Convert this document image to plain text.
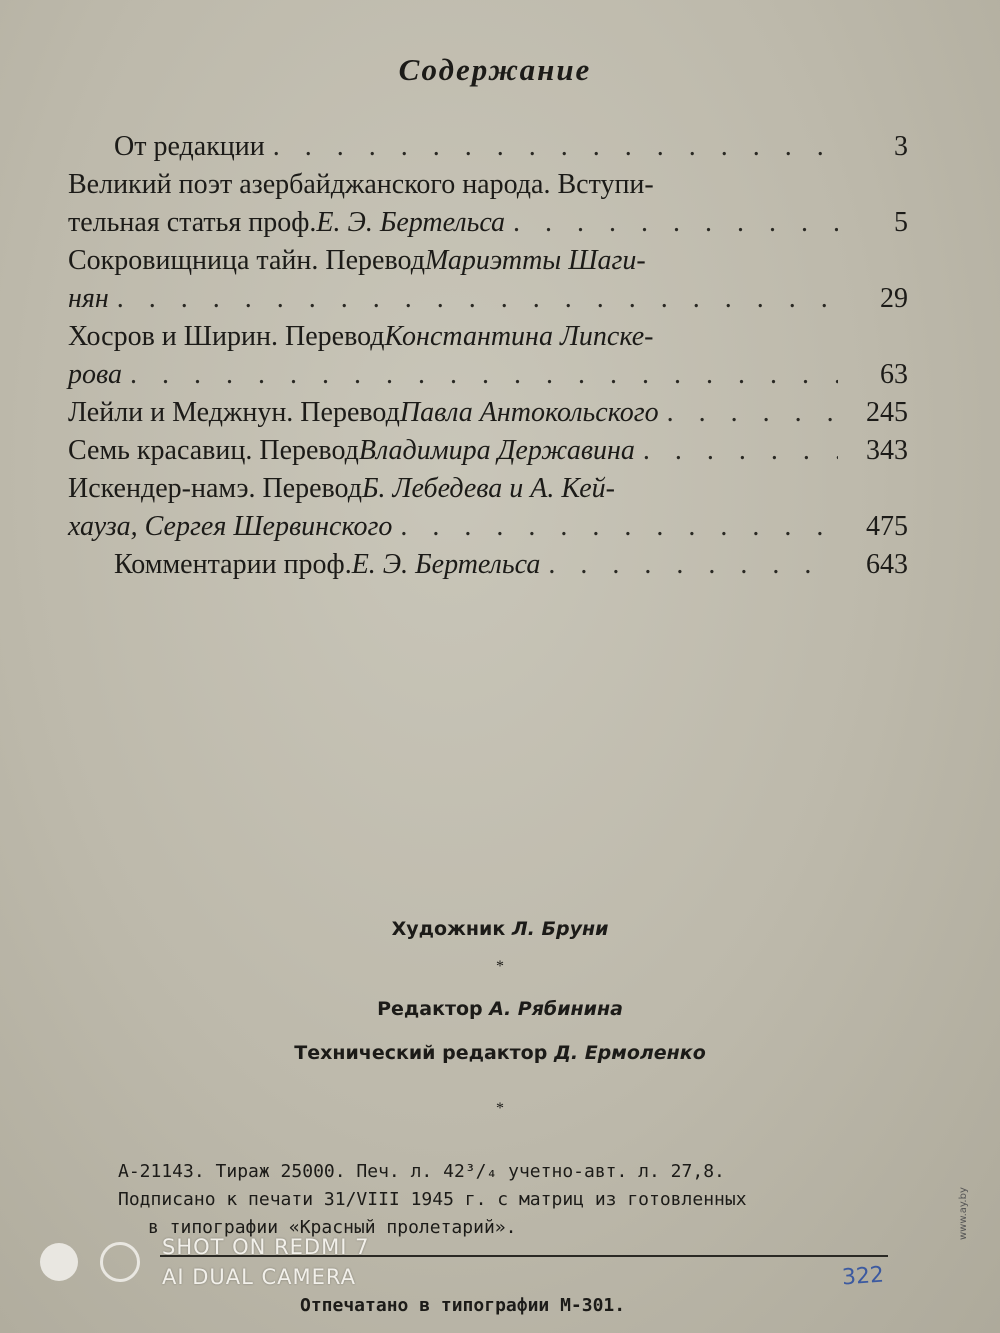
Содержание
От редакции . . .	3
Великий поэт азербайджанского народа. Вступи-
тельная статья проф. Е. Э. Бертельса . . .	5
Сокровищница тайн. Перевод Мариэтты Шаги-
нян . . .	29
Хосров и Ширин. Перевод Константина Липске-
рова . . .	63
Лейли и Меджнун. Перевод Павла Антокольского . . .	245
Семь красавиц. Перевод Владимира Державина . . .	343
Искендер-намэ. Перевод Б. Лебедева и А. Кей-
хауза, Сергея Шервинского . . .	475
Комментарии проф. Е. Э. Бертельса . . .	643
Художник Л. Бруни
*
Редактор А. Рябинина
Технический редактор Д. Ермоленко
*
А-21143. Тираж 25000. Печ. л. 42³/₄ учетно-авт. л. 27,8.
Подписано к печати 31/VIII 1945 г. с матриц из готовленных
в типографии «Красный пролетарий».
Отпечатано в типографии М-301.
322
www.ay.by
SHOT ON REDMI 7
AI DUAL CAMERA
